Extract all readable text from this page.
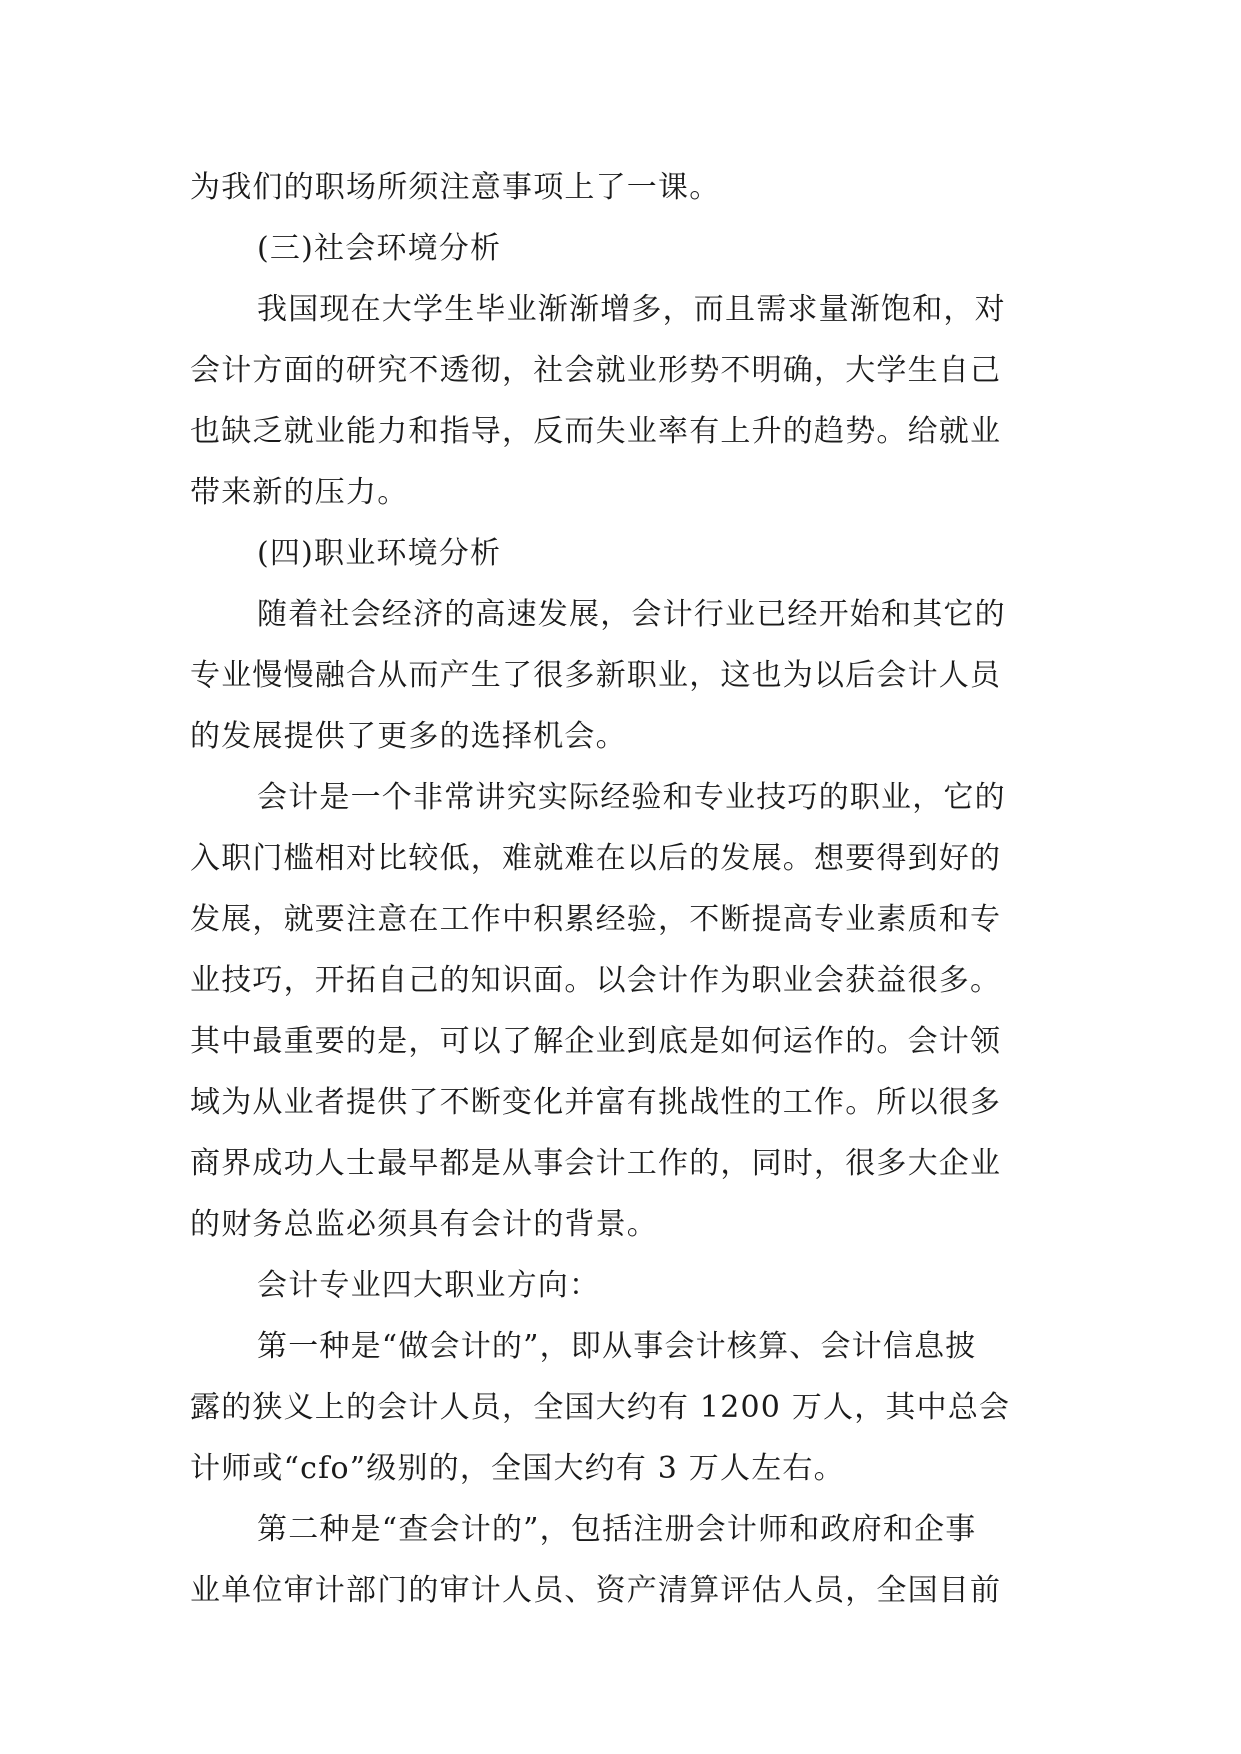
为我们的职场所须注意事项上了一课。
(三)社会环境分析
我国现在大学生毕业渐渐增多，而且需求量渐饱和，对
会计方面的研究不透彻，社会就业形势不明确，大学生自己
也缺乏就业能力和指导，反而失业率有上升的趋势。给就业
带来新的压力。
(四)职业环境分析
随着社会经济的高速发展，会计行业已经开始和其它的
专业慢慢融合从而产生了很多新职业，这也为以后会计人员
的发展提供了更多的选择机会。
会计是一个非常讲究实际经验和专业技巧的职业，它的
入职门槛相对比较低，难就难在以后的发展。想要得到好的
发展，就要注意在工作中积累经验，不断提高专业素质和专
业技巧，开拓自己的知识面。以会计作为职业会获益很多。
其中最重要的是，可以了解企业到底是如何运作的。会计领
域为从业者提供了不断变化并富有挑战性的工作。所以很多
商界成功人士最早都是从事会计工作的，同时，很多大企业
的财务总监必须具有会计的背景。
会计专业四大职业方向：
第一种是“做会计的”，即从事会计核算、会计信息披
露的狭义上的会计人员，全国大约有 1200 万人，其中总会
计师或“cfo”级别的，全国大约有 3 万人左右。
第二种是“查会计的”，包括注册会计师和政府和企事
业单位审计部门的审计人员、资产清算评估人员，全国目前
